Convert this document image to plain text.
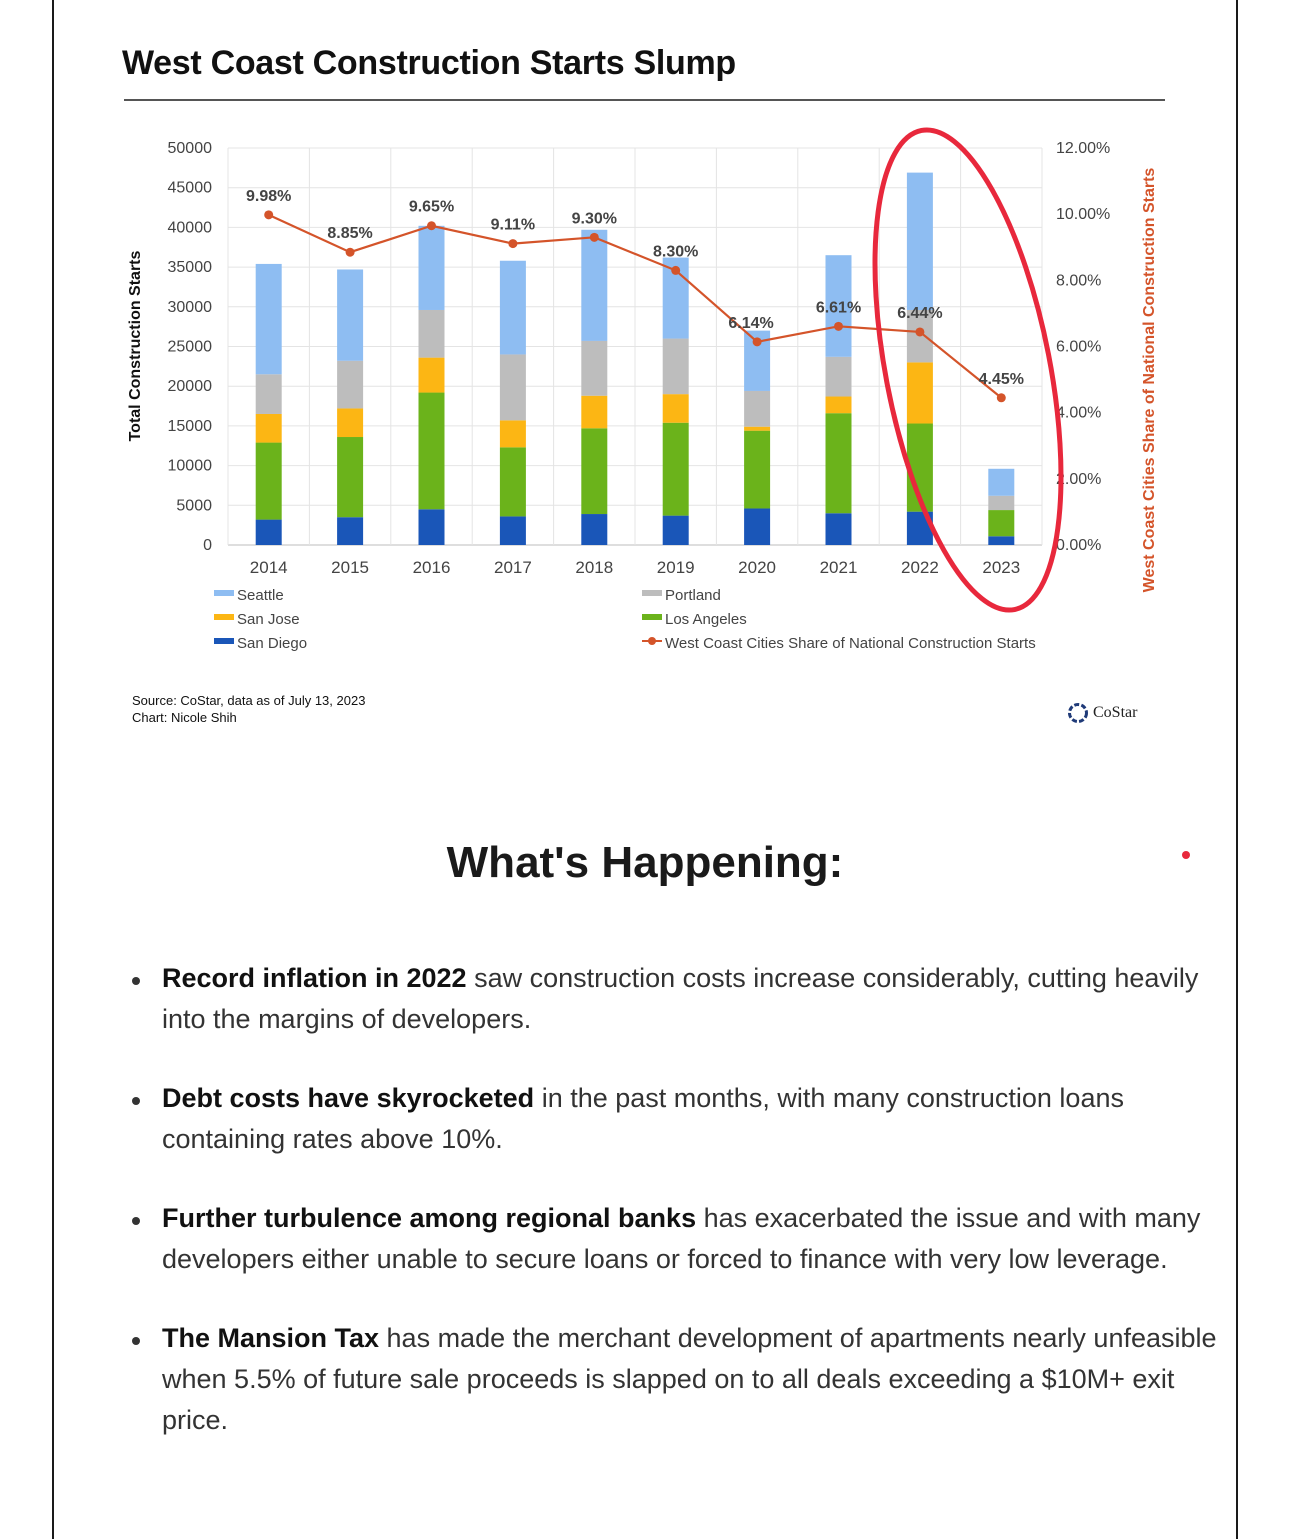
West Coast Construction Starts Slump
0
5000
10000
15000
20000
25000
30000
35000
40000
45000
50000
0.00%
2.00%
4.00%
6.00%
8.00%
10.00%
12.00%
2014	2015	2016	2017	2018	2019	2020	2021	2022	2023
9.98%
8.85%
9.65%
9.11% 9.30%
8.30%
6.14%
6.61% 6.44%
4.45%
Total Construction Starts	West Coast Cities Share of National Construction Starts
Seattle
San Jose
San Diego
Portland
Los Angeles
West Coast Cities Share of National Construction Starts
Source: CoStar, data as of July 13, 2023
Chart: Nicole Shih	CoStar
What's Happening:
Record inflation in 2022 saw construction costs increase considerably, cutting heavily into the margins of developers.
Debt costs have skyrocketed in the past months, with many construction loans containing rates above 10%.
Further turbulence among regional banks has exacerbated the issue and with many developers either unable to secure loans or forced to finance with very low leverage.
The Mansion Tax has made the merchant development of apartments nearly unfeasible when 5.5% of future sale proceeds is slapped on to all deals exceeding a $10M+ exit price.
